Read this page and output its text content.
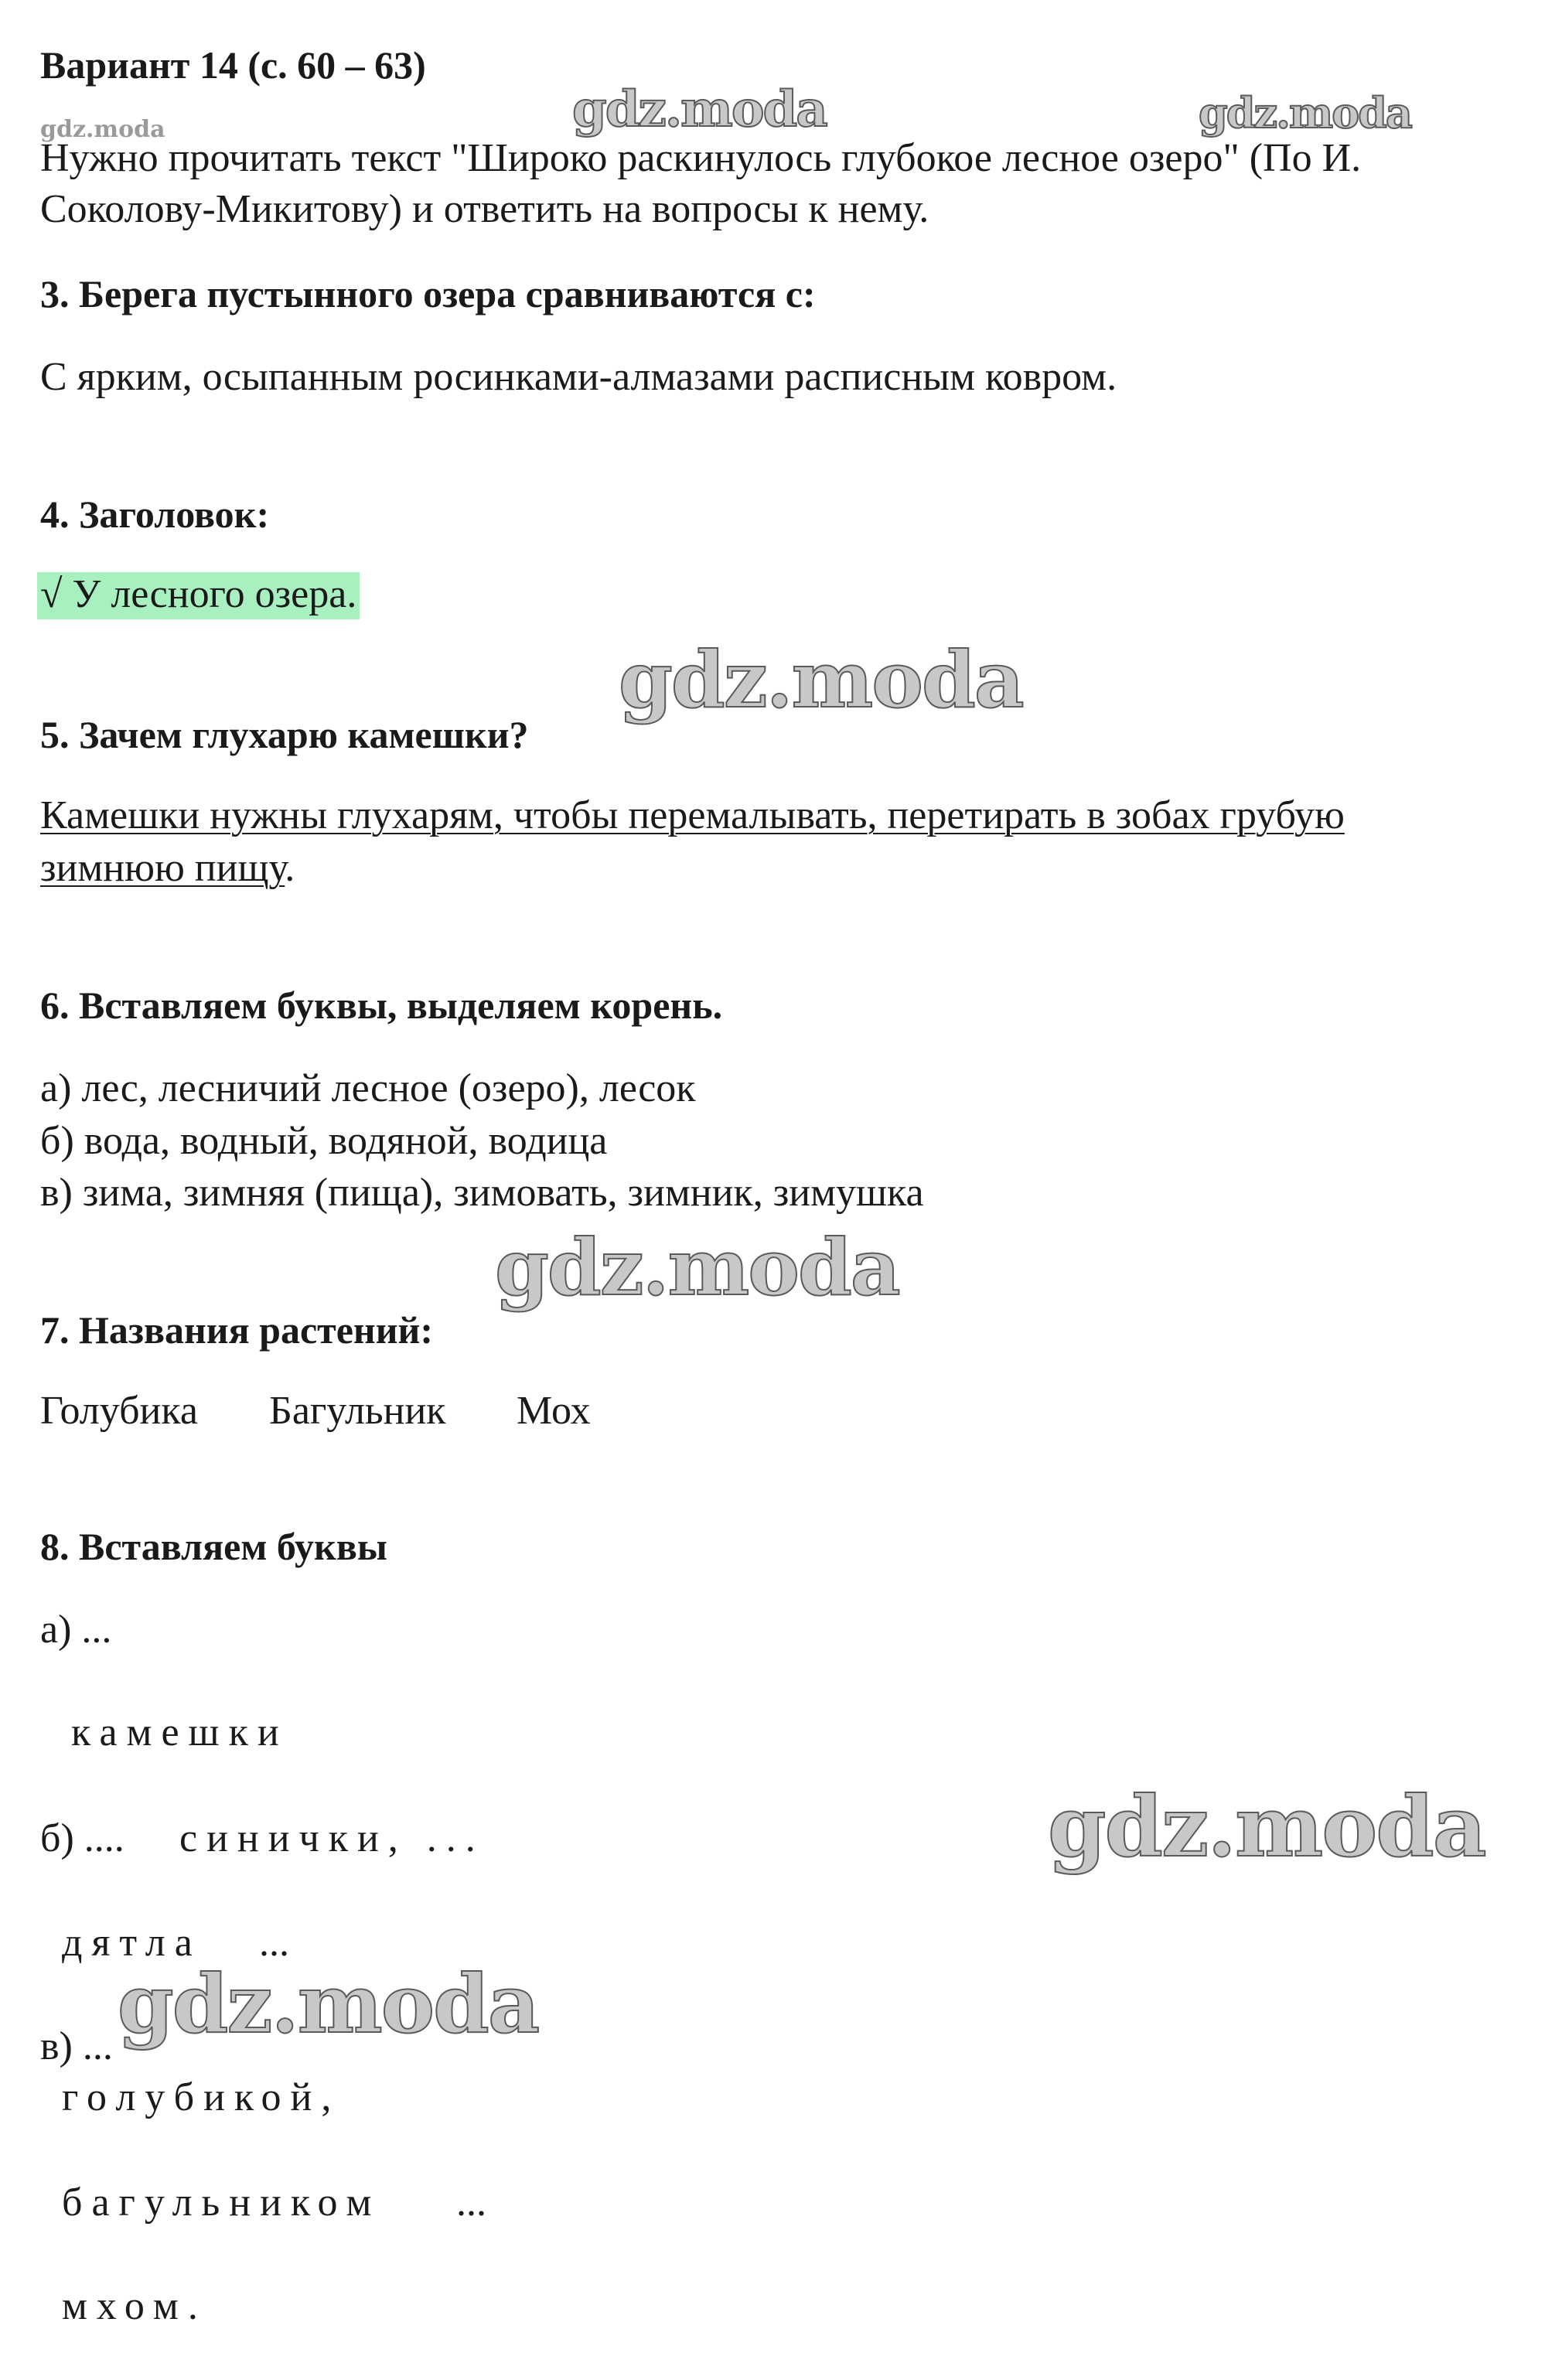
Вариант 14 (с. 60 – 63)
gdz.moda	gdz.moda	gdz.moda
Нужно прочитать текст "Широко раскинулось глубокое лесное озеро" (По И.
Соколову-Микитову) и ответить на вопросы к нему.
3. Берега пустынного озера сравниваются с:
С ярким, осыпанным росинками-алмазами расписным ковром.
4. Заголовок:
√ У лесного озера.
gdz.moda
5. Зачем глухарю камешки?
Камешки нужны глухарям, чтобы перемалывать, перетирать в зобах грубую
зимнюю пищу.
6. Вставляем буквы, выделяем корень.
а) лес, лесничий лесное (озеро), лесок
б) вода, водный, водяной, водица
в) зима, зимняя (пища), зимовать, зимник, зимушка
gdz.moda
7. Названия растений:
Голубика Багульник Мох
8. Вставляем буквы
а) ...
камешки
б) .... синички, ...	gdz.moda
дятла ...
gdz.moda
в) ...
голубикой,
багульником ...
мхом.
